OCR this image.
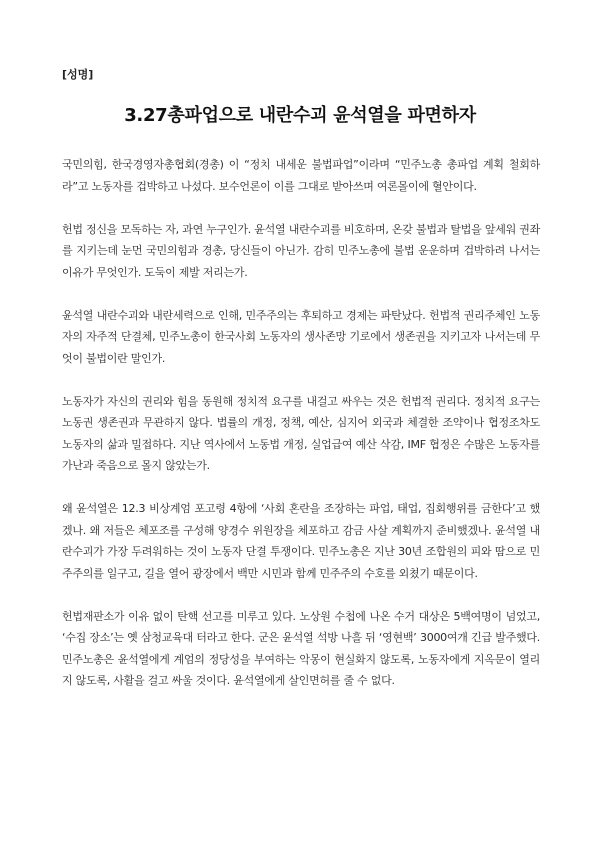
[성명]
3.27총파업으로 내란수괴 윤석열을 파면하자

국민의힘, 한국경영자총협회(경총) 이 “정치 내세운 불법파업”이라며 “민주노총 총파업 계획 철회하라”고 노동자를 겁박하고 나섰다. 보수언론이 이를 그대로 받아쓰며 여론몰이에 혈안이다.

헌법 정신을 모독하는 자, 과연 누구인가. 윤석열 내란수괴를 비호하며, 온갖 불법과 탈법을 앞세워 권좌를 지키는데 눈먼 국민의힘과 경총, 당신들이 아닌가. 감히 민주노총에 불법 운운하며 겁박하려 나서는 이유가 무엇인가. 도둑이 제발 저리는가.

윤석열 내란수괴와 내란세력으로 인해, 민주주의는 후퇴하고 경제는 파탄났다. 헌법적 권리주체인 노동자의 자주적 단결체, 민주노총이 한국사회 노동자의 생사존망 기로에서 생존권을 지키고자 나서는데 무엇이 불법이란 말인가.

노동자가 자신의 권리와 힘을 동원해 정치적 요구를 내걸고 싸우는 것은 헌법적 권리다. 정치적 요구는 노동권 생존권과 무관하지 않다. 법률의 개정, 정책, 예산, 심지어 외국과 체결한 조약이나 협정조차도 노동자의 삶과 밀접하다. 지난 역사에서 노동법 개정, 실업급여 예산 삭감, IMF 협정은 수많은 노동자를 가난과 죽음으로 몰지 않았는가.

왜 윤석열은 12.3 비상계엄 포고령 4항에 ‘사회 혼란을 조장하는 파업, 태업, 집회행위를 금한다’고 했겠나. 왜 저들은 체포조를 구성해 양경수 위원장을 체포하고 감금 사살 계획까지 준비했겠나. 윤석열 내란수괴가 가장 두려워하는 것이 노동자 단결 투쟁이다. 민주노총은 지난 30년 조합원의 피와 땀으로 민주주의를 일구고, 길을 열어 광장에서 백만 시민과 함께 민주주의 수호를 외쳤기 때문이다.

헌법재판소가 이유 없이 탄핵 선고를 미루고 있다. 노상원 수첩에 나온 수거 대상은 5백여명이 넘었고, ‘수집 장소’는 옛 삼청교육대 터라고 한다. 군은 윤석열 석방 나흘 뒤 ‘영현백’ 3000여개 긴급 발주했다. 민주노총은 윤석열에게 계엄의 정당성을 부여하는 악몽이 현실화지 않도록, 노동자에게 지옥문이 열리지 않도록, 사활을 걸고 싸울 것이다. 윤석열에게 살인면허를 줄 수 없다.
